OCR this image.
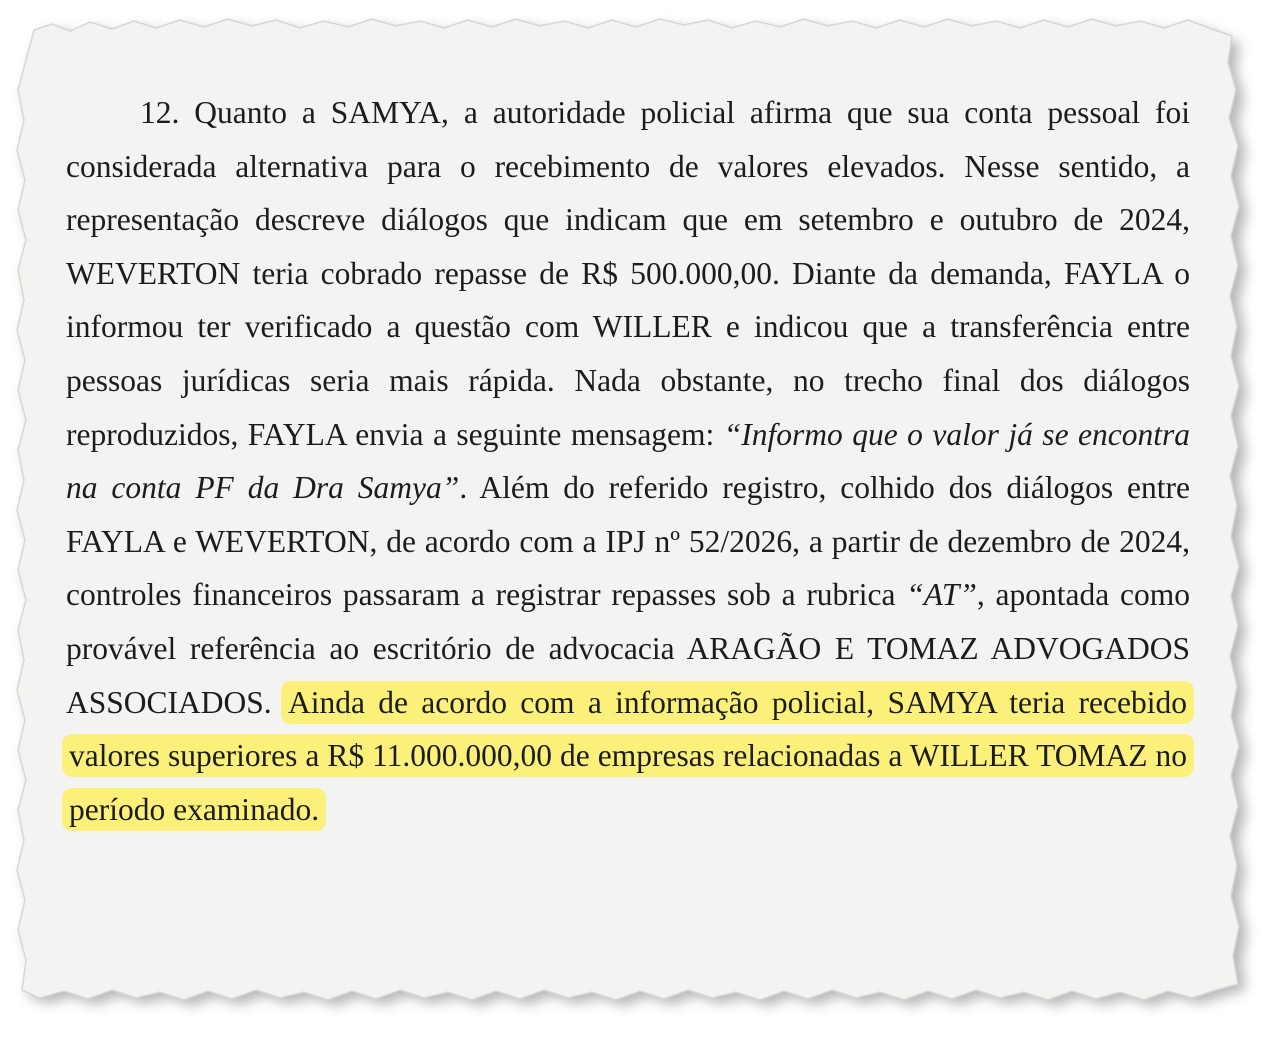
12. Quanto a SAMYA, a autoridade policial afirma que sua conta pessoal foi considerada alternativa para o recebimento de valores elevados. Nesse sentido, a representação descreve diálogos que indicam que em setembro e outubro de 2024, WEVERTON teria cobrado repasse de R$ 500.000,00. Diante da demanda, FAYLA o informou ter verificado a questão com WILLER e indicou que a transferência entre pessoas jurídicas seria mais rápida. Nada obstante, no trecho final dos diálogos reproduzidos, FAYLA envia a seguinte mensagem: “Informo que o valor já se encontra na conta PF da Dra Samya”. Além do referido registro, colhido dos diálogos entre FAYLA e WEVERTON, de acordo com a IPJ nº 52/2026, a partir de dezembro de 2024, controles financeiros passaram a registrar repasses sob a rubrica “AT”, apontada como provável referência ao escritório de advocacia ARAGÃO E TOMAZ ADVOGADOS ASSOCIADOS. Ainda de acordo com a informação policial, SAMYA teria recebido valores superiores a R$ 11.000.000,00 de empresas relacionadas a WILLER TOMAZ no período examinado.
